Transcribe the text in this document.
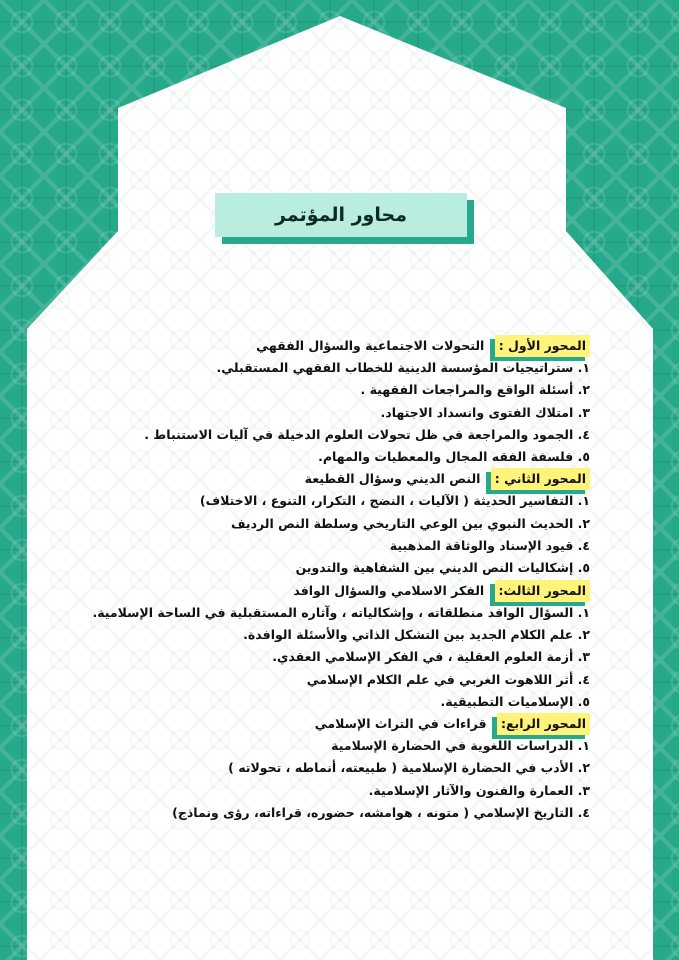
محاور المؤتمر
المحور الأول : التحولات الاجتماعية والسؤال الفقهي
١. ستراتيجيات المؤسسة الدينية للخطاب الفقهي المستقبلي.
٢. أسئلة الواقع والمراجعات الفقهية .
٣. امتلاك الفتوى وانسداد الاجتهاد.
٤. الجمود والمراجعة في ظل تحولات العلوم الدخيلة في آليات الاستنباط .
٥. فلسفة الفقه المجال والمعطيات والمهام.
المحور الثاني : النص الديني وسؤال القطيعة
١. التفاسير الحديثة ( الآليات ، النضج ، التكرار، التنوع ، الاختلاف)
٢. الحديث النبوي بين الوعي التاريخي وسلطة النص الرديف
٤. قيود الإسناد والوثاقة المذهبية
٥. إشكاليات النص الديني بين الشفاهية والتدوين
المحور الثالث: الفكر الاسلامي والسؤال الوافد
١. السؤال الوافد منطلقاته ، وإشكالياته ، وآثاره المستقبلية في الساحة الإسلامية.
٢. علم الكلام الجديد بين التشكل الذاتي والأسئلة الوافدة.
٣. أزمة العلوم العقلية ، في الفكر الإسلامي العقدي.
٤. أثر اللاهوت الغربي في علم الكلام الإسلامي
٥. الإسلاميات التطبيقية.
المحور الرابع: قراءات في التراث الإسلامي
١. الدراسات اللغوية في الحضارة الإسلامية
٢. الأدب في الحضارة الإسلامية ( طبيعته، أنماطه ، تحولاته )
٣. العمارة والفنون والآثار الإسلامية.
٤. التاريخ الإسلامي ( متونه ، هوامشه، حضوره، قراءاته، رؤى ونماذج)
